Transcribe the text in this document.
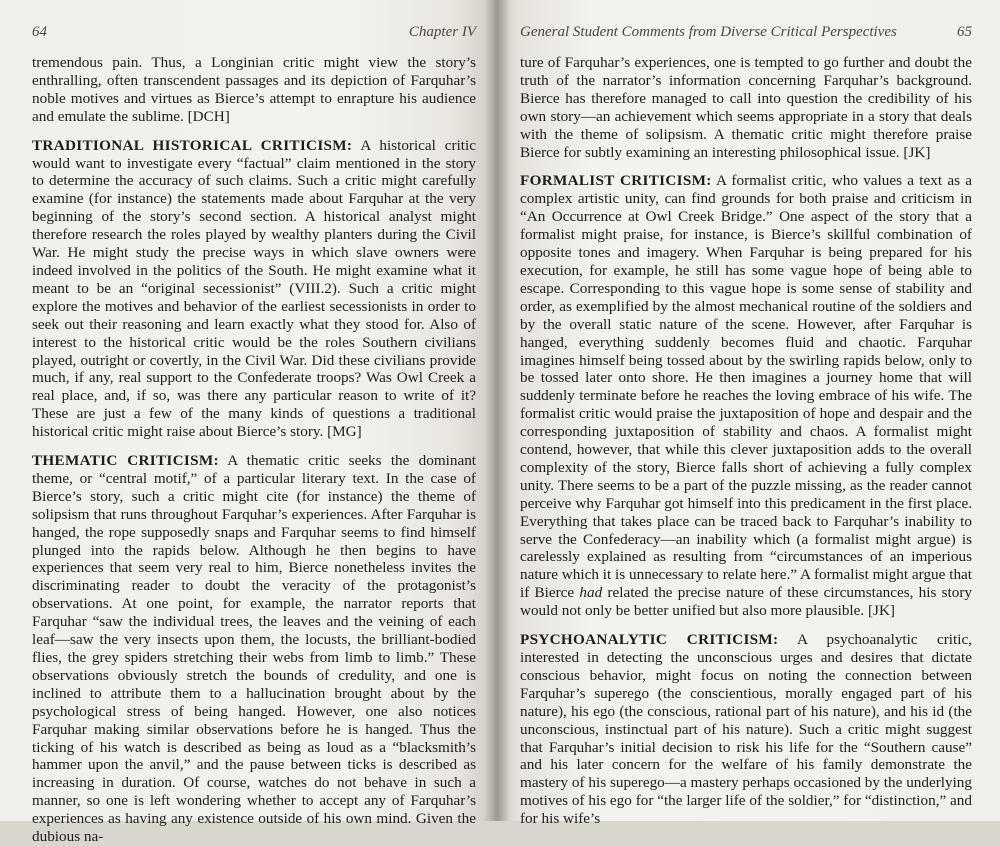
64	Chapter IV

tremendous pain. Thus, a Longinian critic might view the story’s enthralling, often transcendent passages and its depiction of Farquhar’s noble motives and virtues as Bierce’s attempt to enrapture his audience and emulate the sublime. [DCH]

TRADITIONAL HISTORICAL CRITICISM: A historical critic would want to investigate every “factual” claim mentioned in the story to determine the accuracy of such claims. Such a critic might carefully examine (for instance) the statements made about Farquhar at the very beginning of the story’s second section. A historical analyst might therefore research the roles played by wealthy planters during the Civil War. He might study the precise ways in which slave owners were indeed involved in the politics of the South. He might examine what it meant to be an “original secessionist” (VIII.2). Such a critic might explore the motives and behavior of the earliest secessionists in order to seek out their reasoning and learn exactly what they stood for. Also of interest to the historical critic would be the roles Southern civilians played, outright or covertly, in the Civil War. Did these civilians provide much, if any, real support to the Confederate troops? Was Owl Creek a real place, and, if so, was there any particular reason to write of it? These are just a few of the many kinds of questions a traditional historical critic might raise about Bierce’s story. [MG]

THEMATIC CRITICISM: A thematic critic seeks the dominant theme, or “central motif,” of a particular literary text. In the case of Bierce’s story, such a critic might cite (for instance) the theme of solipsism that runs throughout Farquhar’s experiences. After Farquhar is hanged, the rope supposedly snaps and Farquhar seems to find himself plunged into the rapids below. Although he then begins to have experiences that seem very real to him, Bierce nonetheless invites the discriminating reader to doubt the veracity of the protagonist’s observations. At one point, for example, the narrator reports that Farquhar “saw the individual trees, the leaves and the veining of each leaf—saw the very insects upon them, the locusts, the brilliant-bodied flies, the grey spiders stretching their webs from limb to limb.” These observations obviously stretch the bounds of credulity, and one is inclined to attribute them to a hallucination brought about by the psychological stress of being hanged. However, one also notices Farquhar making similar observations before he is hanged. Thus the ticking of his watch is described as being as loud as a “blacksmith’s hammer upon the anvil,” and the pause between ticks is described as increasing in duration. Of course, watches do not behave in such a manner, so one is left wondering whether to accept any of Farquhar’s experiences as having any existence outside of his own mind. Given the dubious na-

General Student Comments from Diverse Critical Perspectives	65

ture of Farquhar’s experiences, one is tempted to go further and doubt the truth of the narrator’s information concerning Farquhar’s background. Bierce has therefore managed to call into question the credibility of his own story—an achievement which seems appropriate in a story that deals with the theme of solipsism. A thematic critic might therefore praise Bierce for subtly examining an interesting philosophical issue. [JK]

FORMALIST CRITICISM: A formalist critic, who values a text as a complex artistic unity, can find grounds for both praise and criticism in “An Occurrence at Owl Creek Bridge.” One aspect of the story that a formalist might praise, for instance, is Bierce’s skillful combination of opposite tones and imagery. When Farquhar is being prepared for his execution, for example, he still has some vague hope of being able to escape. Corresponding to this vague hope is some sense of stability and order, as exemplified by the almost mechanical routine of the soldiers and by the overall static nature of the scene. However, after Farquhar is hanged, everything suddenly becomes fluid and chaotic. Farquhar imagines himself being tossed about by the swirling rapids below, only to be tossed later onto shore. He then imagines a journey home that will suddenly terminate before he reaches the loving embrace of his wife. The formalist critic would praise the juxtaposition of hope and despair and the corresponding juxtaposition of stability and chaos. A formalist might contend, however, that while this clever juxtaposition adds to the overall complexity of the story, Bierce falls short of achieving a fully complex unity. There seems to be a part of the puzzle missing, as the reader cannot perceive why Farquhar got himself into this predicament in the first place. Everything that takes place can be traced back to Farquhar’s inability to serve the Confederacy—an inability which (a formalist might argue) is carelessly explained as resulting from “circumstances of an imperious nature which it is unnecessary to relate here.” A formalist might argue that if Bierce had related the precise nature of these circumstances, his story would not only be better unified but also more plausible. [JK]

PSYCHOANALYTIC CRITICISM: A psychoanalytic critic, interested in detecting the unconscious urges and desires that dictate conscious behavior, might focus on noting the connection between Farquhar’s superego (the conscientious, morally engaged part of his nature), his ego (the conscious, rational part of his nature), and his id (the unconscious, instinctual part of his nature). Such a critic might suggest that Farquhar’s initial decision to risk his life for the “Southern cause” and his later concern for the welfare of his family demonstrate the mastery of his superego—a mastery perhaps occasioned by the underlying motives of his ego for “the larger life of the soldier,” for “distinction,” and for his wife’s
